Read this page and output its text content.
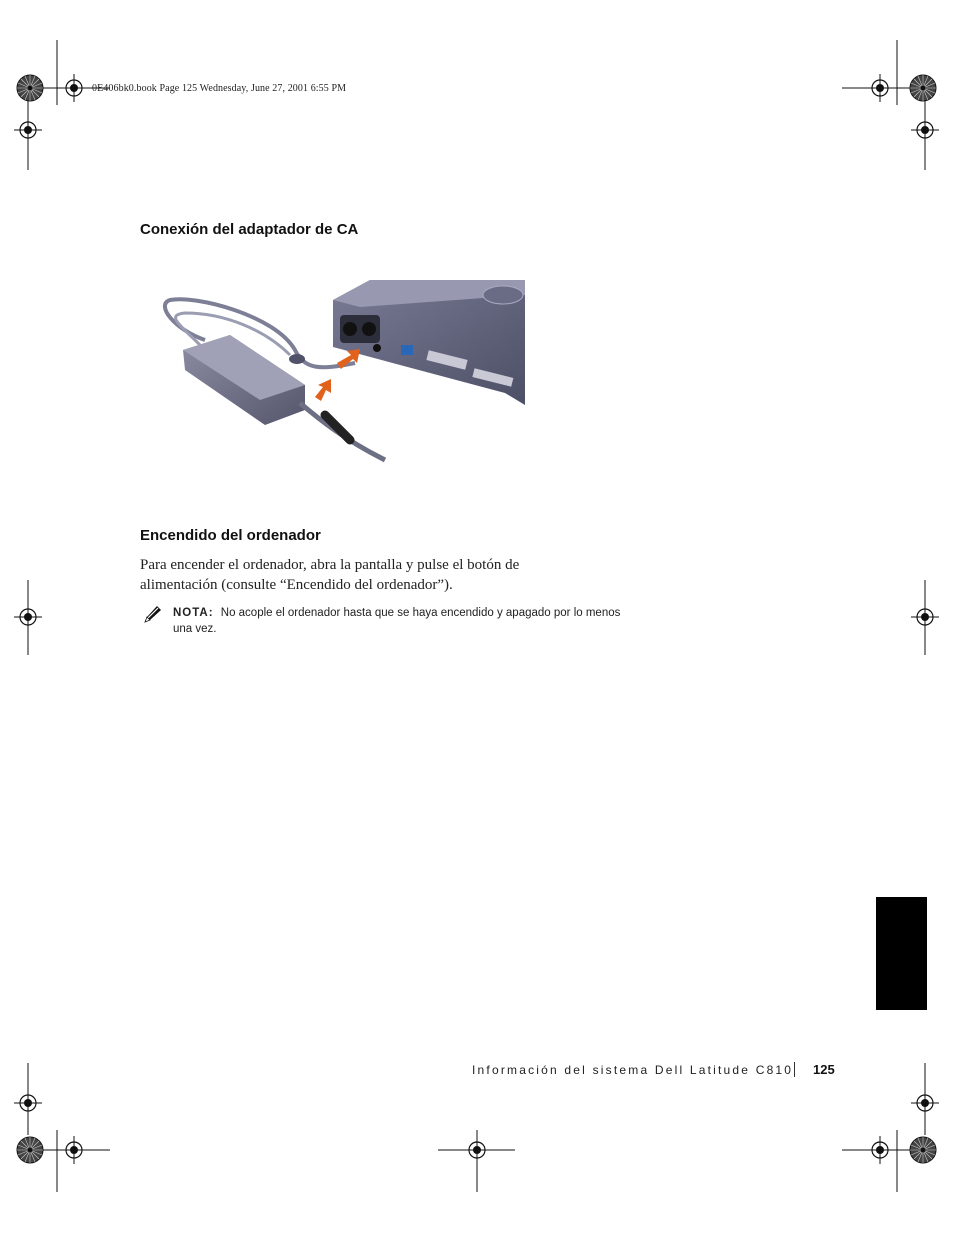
0E406bk0.book Page 125 Wednesday, June 27, 2001 6:55 PM
Conexión del adaptador de CA
Encendido del ordenador
Para encender el ordenador, abra la pantalla y pulse el botón de alimentación (consulte “Encendido del ordenador”).
NOTA: No acople el ordenador hasta que se haya encendido y apagado por lo menos una vez.
Información del sistema Dell Latitude C810 125
